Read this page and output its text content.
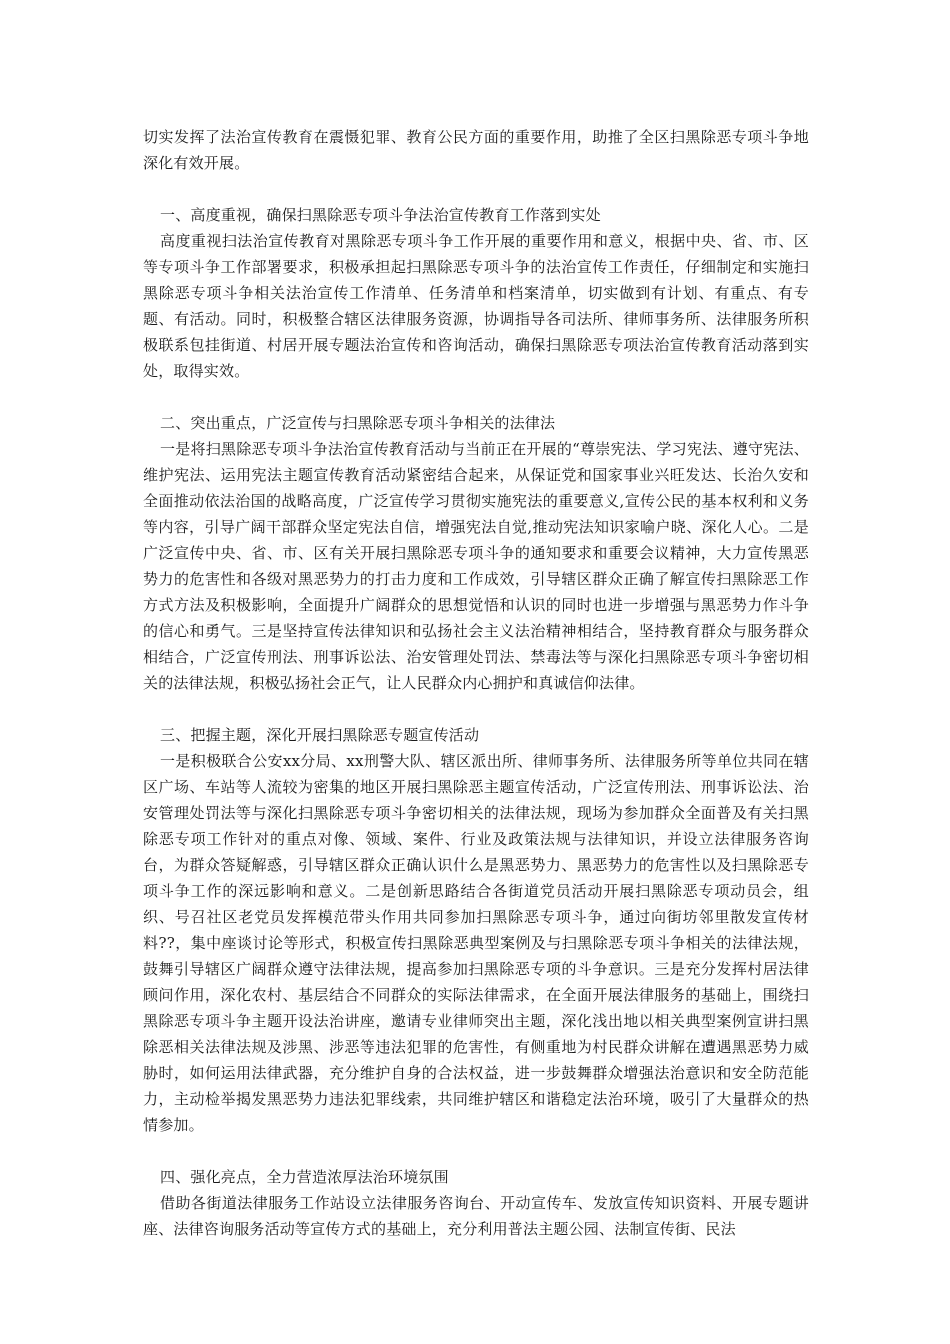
切实发挥了法治宣传教育在震慑犯罪、教育公民方面的重要作用，助推了全区扫黑除恶专项斗争地深化有效开展。

一、高度重视，确保扫黑除恶专项斗争法治宣传教育工作落到实处

高度重视扫法治宣传教育对黑除恶专项斗争工作开展的重要作用和意义，根据中央、省、市、区等专项斗争工作部署要求，积极承担起扫黑除恶专项斗争的法治宣传工作责任，仔细制定和实施扫黑除恶专项斗争相关法治宣传工作清单、任务清单和档案清单，切实做到有计划、有重点、有专题、有活动。同时，积极整合辖区法律服务资源，协调指导各司法所、律师事务所、法律服务所积极联系包挂街道、村居开展专题法治宣传和咨询活动，确保扫黑除恶专项法治宣传教育活动落到实处，取得实效。

二、突出重点，广泛宣传与扫黑除恶专项斗争相关的法律法

一是将扫黑除恶专项斗争法治宣传教育活动与当前正在开展的“尊崇宪法、学习宪法、遵守宪法、维护宪法、运用宪法主题宣传教育活动紧密结合起来，从保证党和国家事业兴旺发达、长治久安和全面推动依法治国的战略高度，广泛宣传学习贯彻实施宪法的重要意义,宣传公民的基本权利和义务等内容，引导广阔干部群众坚定宪法自信，增强宪法自觉,推动宪法知识家喻户晓、深化人心。二是广泛宣传中央、省、市、区有关开展扫黑除恶专项斗争的通知要求和重要会议精神，大力宣传黑恶势力的危害性和各级对黑恶势力的打击力度和工作成效，引导辖区群众正确了解宣传扫黑除恶工作方式方法及积极影响，全面提升广阔群众的思想觉悟和认识的同时也进一步增强与黑恶势力作斗争的信心和勇气。三是坚持宣传法律知识和弘扬社会主义法治精神相结合，坚持教育群众与服务群众相结合，广泛宣传刑法、刑事诉讼法、治安管理处罚法、禁毒法等与深化扫黑除恶专项斗争密切相关的法律法规，积极弘扬社会正气，让人民群众内心拥护和真诚信仰法律。

三、把握主题，深化开展扫黑除恶专题宣传活动

一是积极联合公安xx分局、xx刑警大队、辖区派出所、律师事务所、法律服务所等单位共同在辖区广场、车站等人流较为密集的地区开展扫黑除恶主题宣传活动，广泛宣传刑法、刑事诉讼法、治安管理处罚法等与深化扫黑除恶专项斗争密切相关的法律法规，现场为参加群众全面普及有关扫黑除恶专项工作针对的重点对像、领域、案件、行业及政策法规与法律知识，并设立法律服务咨询台，为群众答疑解惑，引导辖区群众正确认识什么是黑恶势力、黑恶势力的危害性以及扫黑除恶专项斗争工作的深远影响和意义。二是创新思路结合各街道党员活动开展扫黑除恶专项动员会，组织、号召社区老党员发挥模范带头作用共同参加扫黑除恶专项斗争，通过向街坊邻里散发宣传材料??，集中座谈讨论等形式，积极宣传扫黑除恶典型案例及与扫黑除恶专项斗争相关的法律法规，鼓舞引导辖区广阔群众遵守法律法规，提高参加扫黑除恶专项的斗争意识。三是充分发挥村居法律顾问作用，深化农村、基层结合不同群众的实际法律需求，在全面开展法律服务的基础上，围绕扫黑除恶专项斗争主题开设法治讲座，邀请专业律师突出主题，深化浅出地以相关典型案例宣讲扫黑除恶相关法律法规及涉黑、涉恶等违法犯罪的危害性，有侧重地为村民群众讲解在遭遇黑恶势力威胁时，如何运用法律武器，充分维护自身的合法权益，进一步鼓舞群众增强法治意识和安全防范能力，主动检举揭发黑恶势力违法犯罪线索，共同维护辖区和谐稳定法治环境，吸引了大量群众的热情参加。

四、强化亮点，全力营造浓厚法治环境氛围

借助各街道法律服务工作站设立法律服务咨询台、开动宣传车、发放宣传知识资料、开展专题讲座、法律咨询服务活动等宣传方式的基础上，充分利用普法主题公园、法制宣传街、民法
